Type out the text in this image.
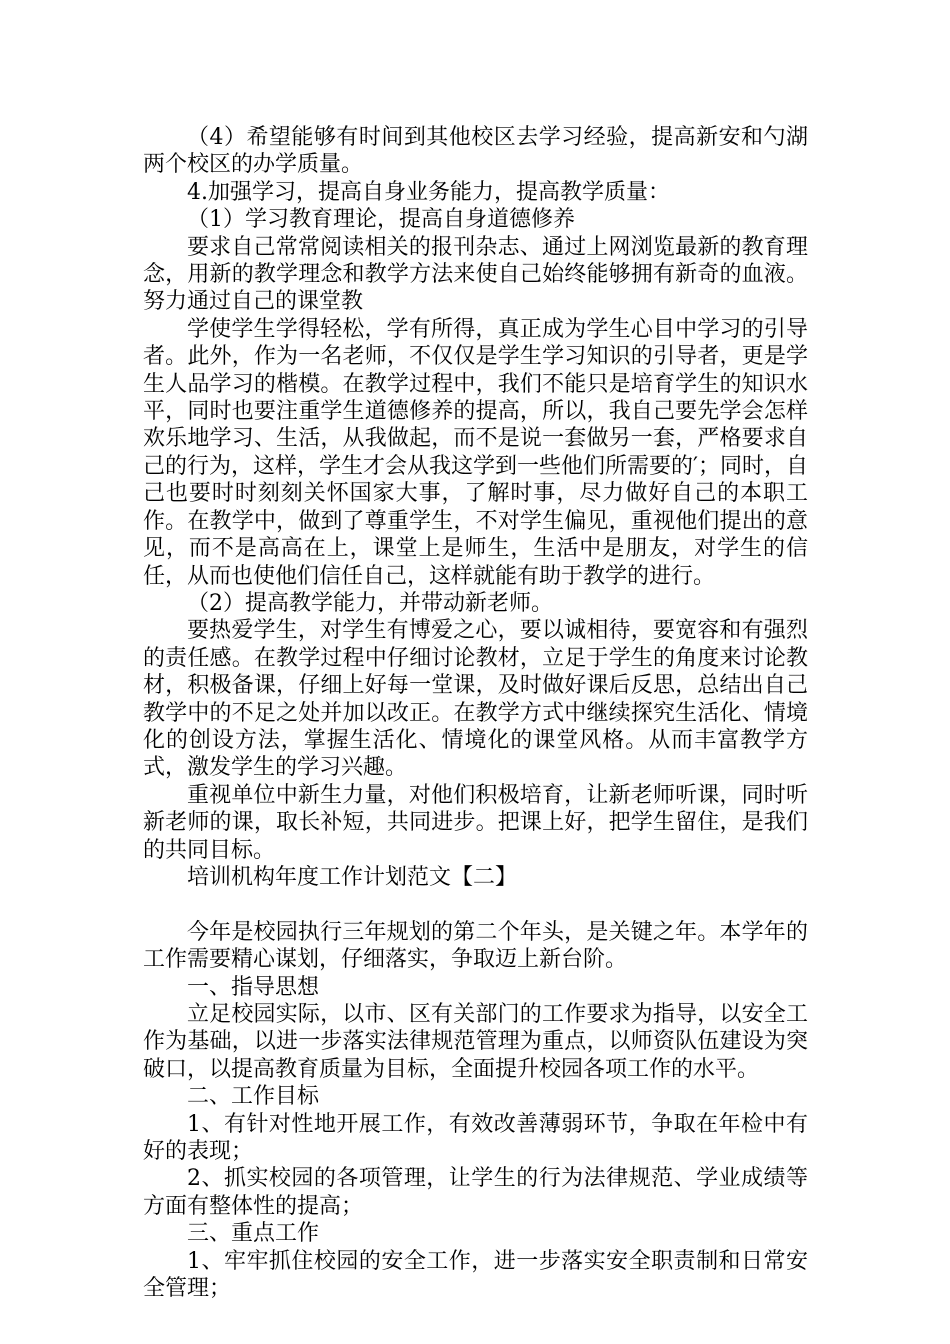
（4）希望能够有时间到其他校区去学习经验，提高新安和勺湖两个校区的办学质量。

4.加强学习，提高自身业务能力，提高教学质量：

（1）学习教育理论，提高自身道德修养

要求自己常常阅读相关的报刊杂志、通过上网浏览最新的教育理念，用新的教学理念和教学方法来使自己始终能够拥有新奇的血液。努力通过自己的课堂教

学使学生学得轻松，学有所得，真正成为学生心目中学习的引导者。此外，作为一名老师，不仅仅是学生学习知识的引导者，更是学生人品学习的楷模。在教学过程中，我们不能只是培育学生的知识水平，同时也要注重学生道德修养的提高，所以，我自己要先学会怎样欢乐地学习、生活，从我做起，而不是说一套做另一套，严格要求自己的行为，这样，学生才会从我这学到一些他们所需要的′；同时，自己也要时时刻刻关怀国家大事，了解时事，尽力做好自己的本职工作。在教学中，做到了尊重学生，不对学生偏见，重视他们提出的意见，而不是高高在上，课堂上是师生，生活中是朋友，对学生的信任，从而也使他们信任自己，这样就能有助于教学的进行。

（2）提高教学能力，并带动新老师。

要热爱学生，对学生有博爱之心，要以诚相待，要宽容和有强烈的责任感。在教学过程中仔细讨论教材，立足于学生的角度来讨论教材，积极备课，仔细上好每一堂课，及时做好课后反思，总结出自己教学中的不足之处并加以改正。在教学方式中继续探究生活化、情境化的创设方法，掌握生活化、情境化的课堂风格。从而丰富教学方式，激发学生的学习兴趣。

重视单位中新生力量，对他们积极培育，让新老师听课，同时听新老师的课，取长补短，共同进步。把课上好，把学生留住，是我们的共同目标。

培训机构年度工作计划范文【二】

今年是校园执行三年规划的第二个年头，是关键之年。本学年的工作需要精心谋划，仔细落实，争取迈上新台阶。

一、指导思想

立足校园实际，以市、区有关部门的工作要求为指导，以安全工作为基础，以进一步落实法律规范管理为重点，以师资队伍建设为突破口，以提高教育质量为目标，全面提升校园各项工作的水平。

二、工作目标

1、有针对性地开展工作，有效改善薄弱环节，争取在年检中有好的表现；

2、抓实校园的各项管理，让学生的行为法律规范、学业成绩等方面有整体性的提高；

三、重点工作

1、牢牢抓住校园的安全工作，进一步落实安全职责制和日常安全管理；
